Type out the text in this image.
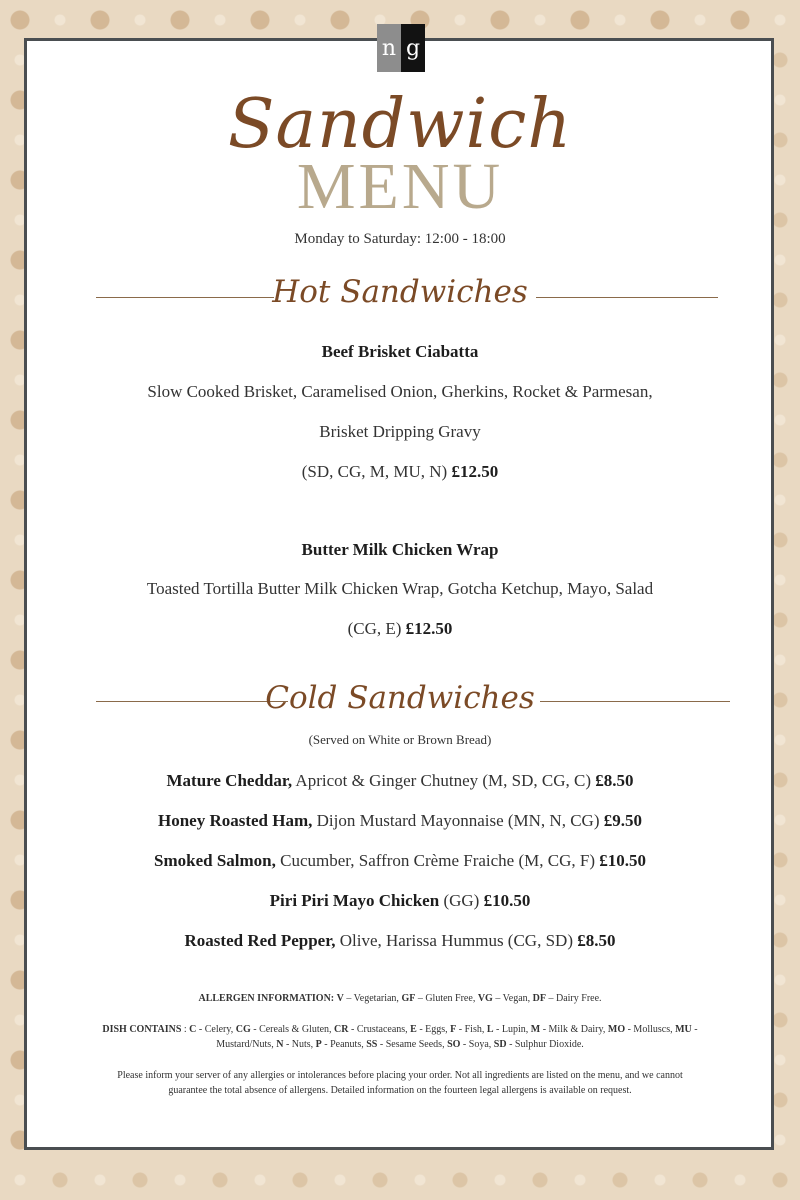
n g
Sandwich
MENU
Monday to Saturday: 12:00 - 18:00
Hot Sandwiches
Beef Brisket Ciabatta
Slow Cooked Brisket, Caramelised Onion, Gherkins, Rocket & Parmesan,
Brisket Dripping Gravy
(SD, CG, M, MU, N) £12.50
Butter Milk Chicken Wrap
Toasted Tortilla Butter Milk Chicken Wrap, Gotcha Ketchup, Mayo, Salad
(CG, E) £12.50
Cold Sandwiches
(Served on White or Brown Bread)
Mature Cheddar, Apricot & Ginger Chutney (M, SD, CG, C) £8.50
Honey Roasted Ham, Dijon Mustard Mayonnaise (MN, N, CG) £9.50
Smoked Salmon, Cucumber, Saffron Crème Fraiche (M, CG, F) £10.50
Piri Piri Mayo Chicken (GG) £10.50
Roasted Red Pepper, Olive, Harissa Hummus (CG, SD) £8.50
ALLERGEN INFORMATION: V – Vegetarian, GF – Gluten Free, VG – Vegan, DF – Dairy Free.
DISH CONTAINS : C - Celery, CG - Cereals & Gluten, CR - Crustaceans, E - Eggs, F - Fish, L - Lupin, M - Milk & Dairy, MO - Molluscs, MU - Mustard/Nuts, N - Nuts, P - Peanuts, SS - Sesame Seeds, SO - Soya, SD - Sulphur Dioxide.
Please inform your server of any allergies or intolerances before placing your order. Not all ingredients are listed on the menu, and we cannot guarantee the total absence of allergens. Detailed information on the fourteen legal allergens is available on request.
